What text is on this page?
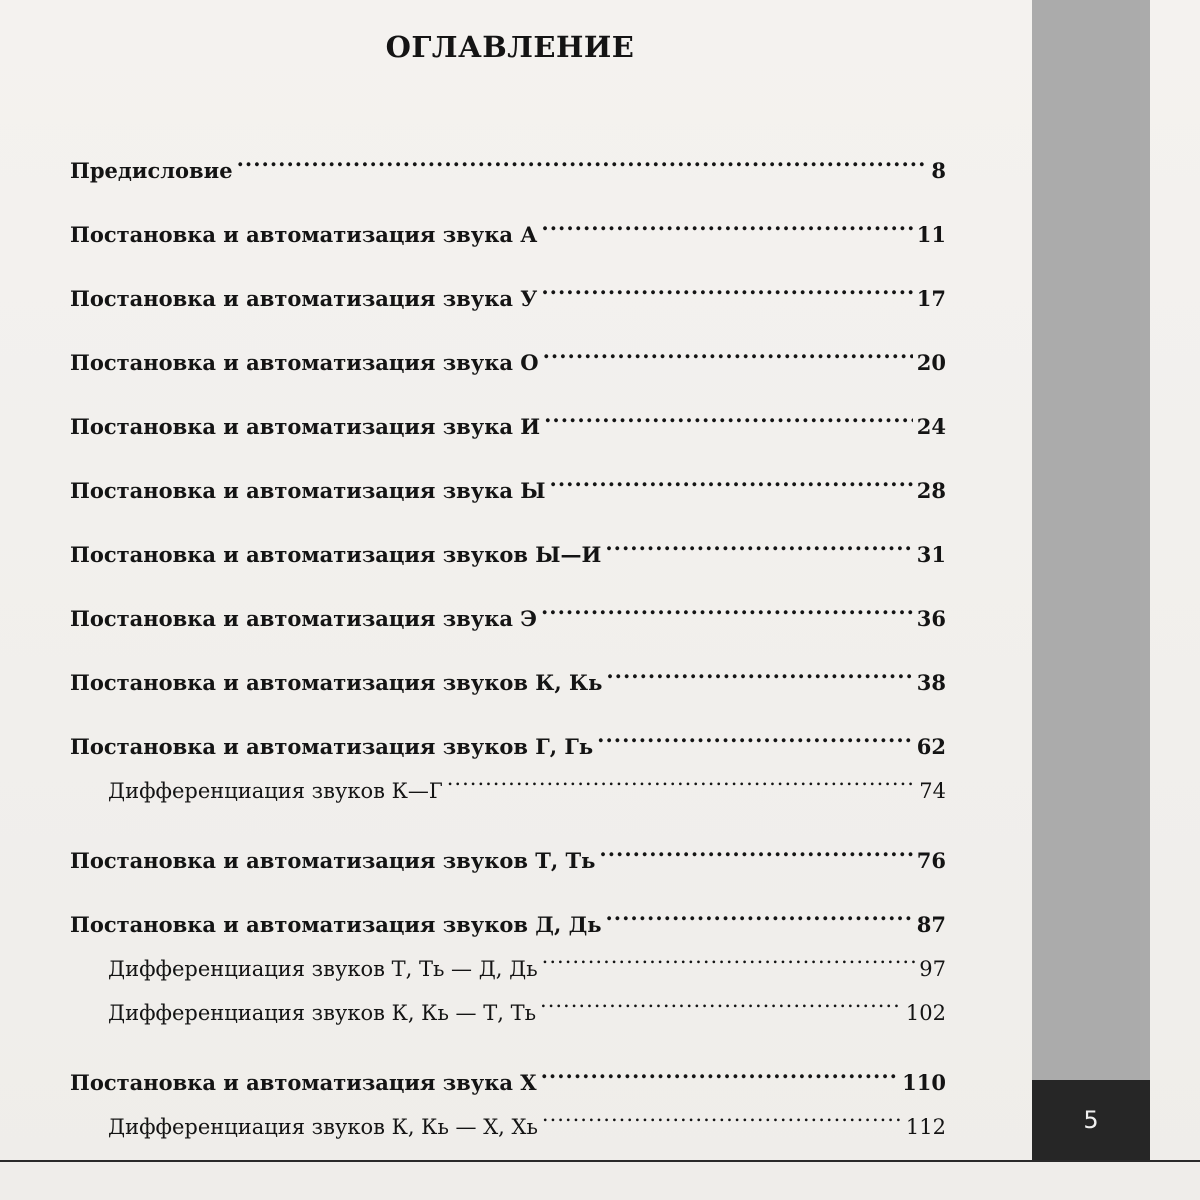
5
ОГЛАВЛЕНИЕ
Предисловие .....	8
Постановка и автоматизация звука А .....	11
Постановка и автоматизация звука У .....	17
Постановка и автоматизация звука О .....	20
Постановка и автоматизация звука И .....	24
Постановка и автоматизация звука Ы .....	28
Постановка и автоматизация звуков Ы—И .....	31
Постановка и автоматизация звука Э .....	36
Постановка и автоматизация звуков К, Кь .....	38
Постановка и автоматизация звуков Г, Гь .....	62
Дифференциация звуков К—Г .....	74
Постановка и автоматизация звуков Т, Ть .....	76
Постановка и автоматизация звуков Д, Дь .....	87
Дифференциация звуков Т, Ть — Д, Дь .....	97
Дифференциация звуков К, Кь — Т, Ть .....	102
Постановка и автоматизация звука Х .....	110
Дифференциация звуков К, Кь — Х, Хь .....	112
